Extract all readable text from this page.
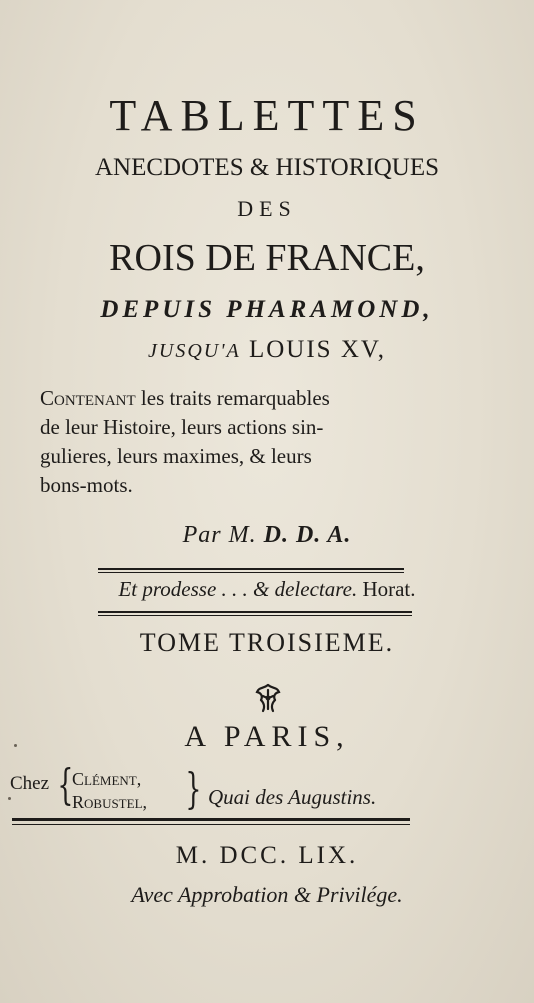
TABLETTES
ANECDOTES & HISTORIQUES
DES
ROIS DE FRANCE,
DEPUIS PHARAMOND,
JUSQU'A LOUIS XV,
Contenant les traits remarquables
de leur Histoire, leurs actions sin-
gulieres, leurs maximes, & leurs
bons-mots.
Par M. D. D. A.
Et prodesse . . . & delectare. Horat.
TOME TROISIEME.
A PARIS,
Chez {
Clément,
Robustel, } Quai des Augustins.
M. DCC. LIX.
Avec Approbation & Privilége.
